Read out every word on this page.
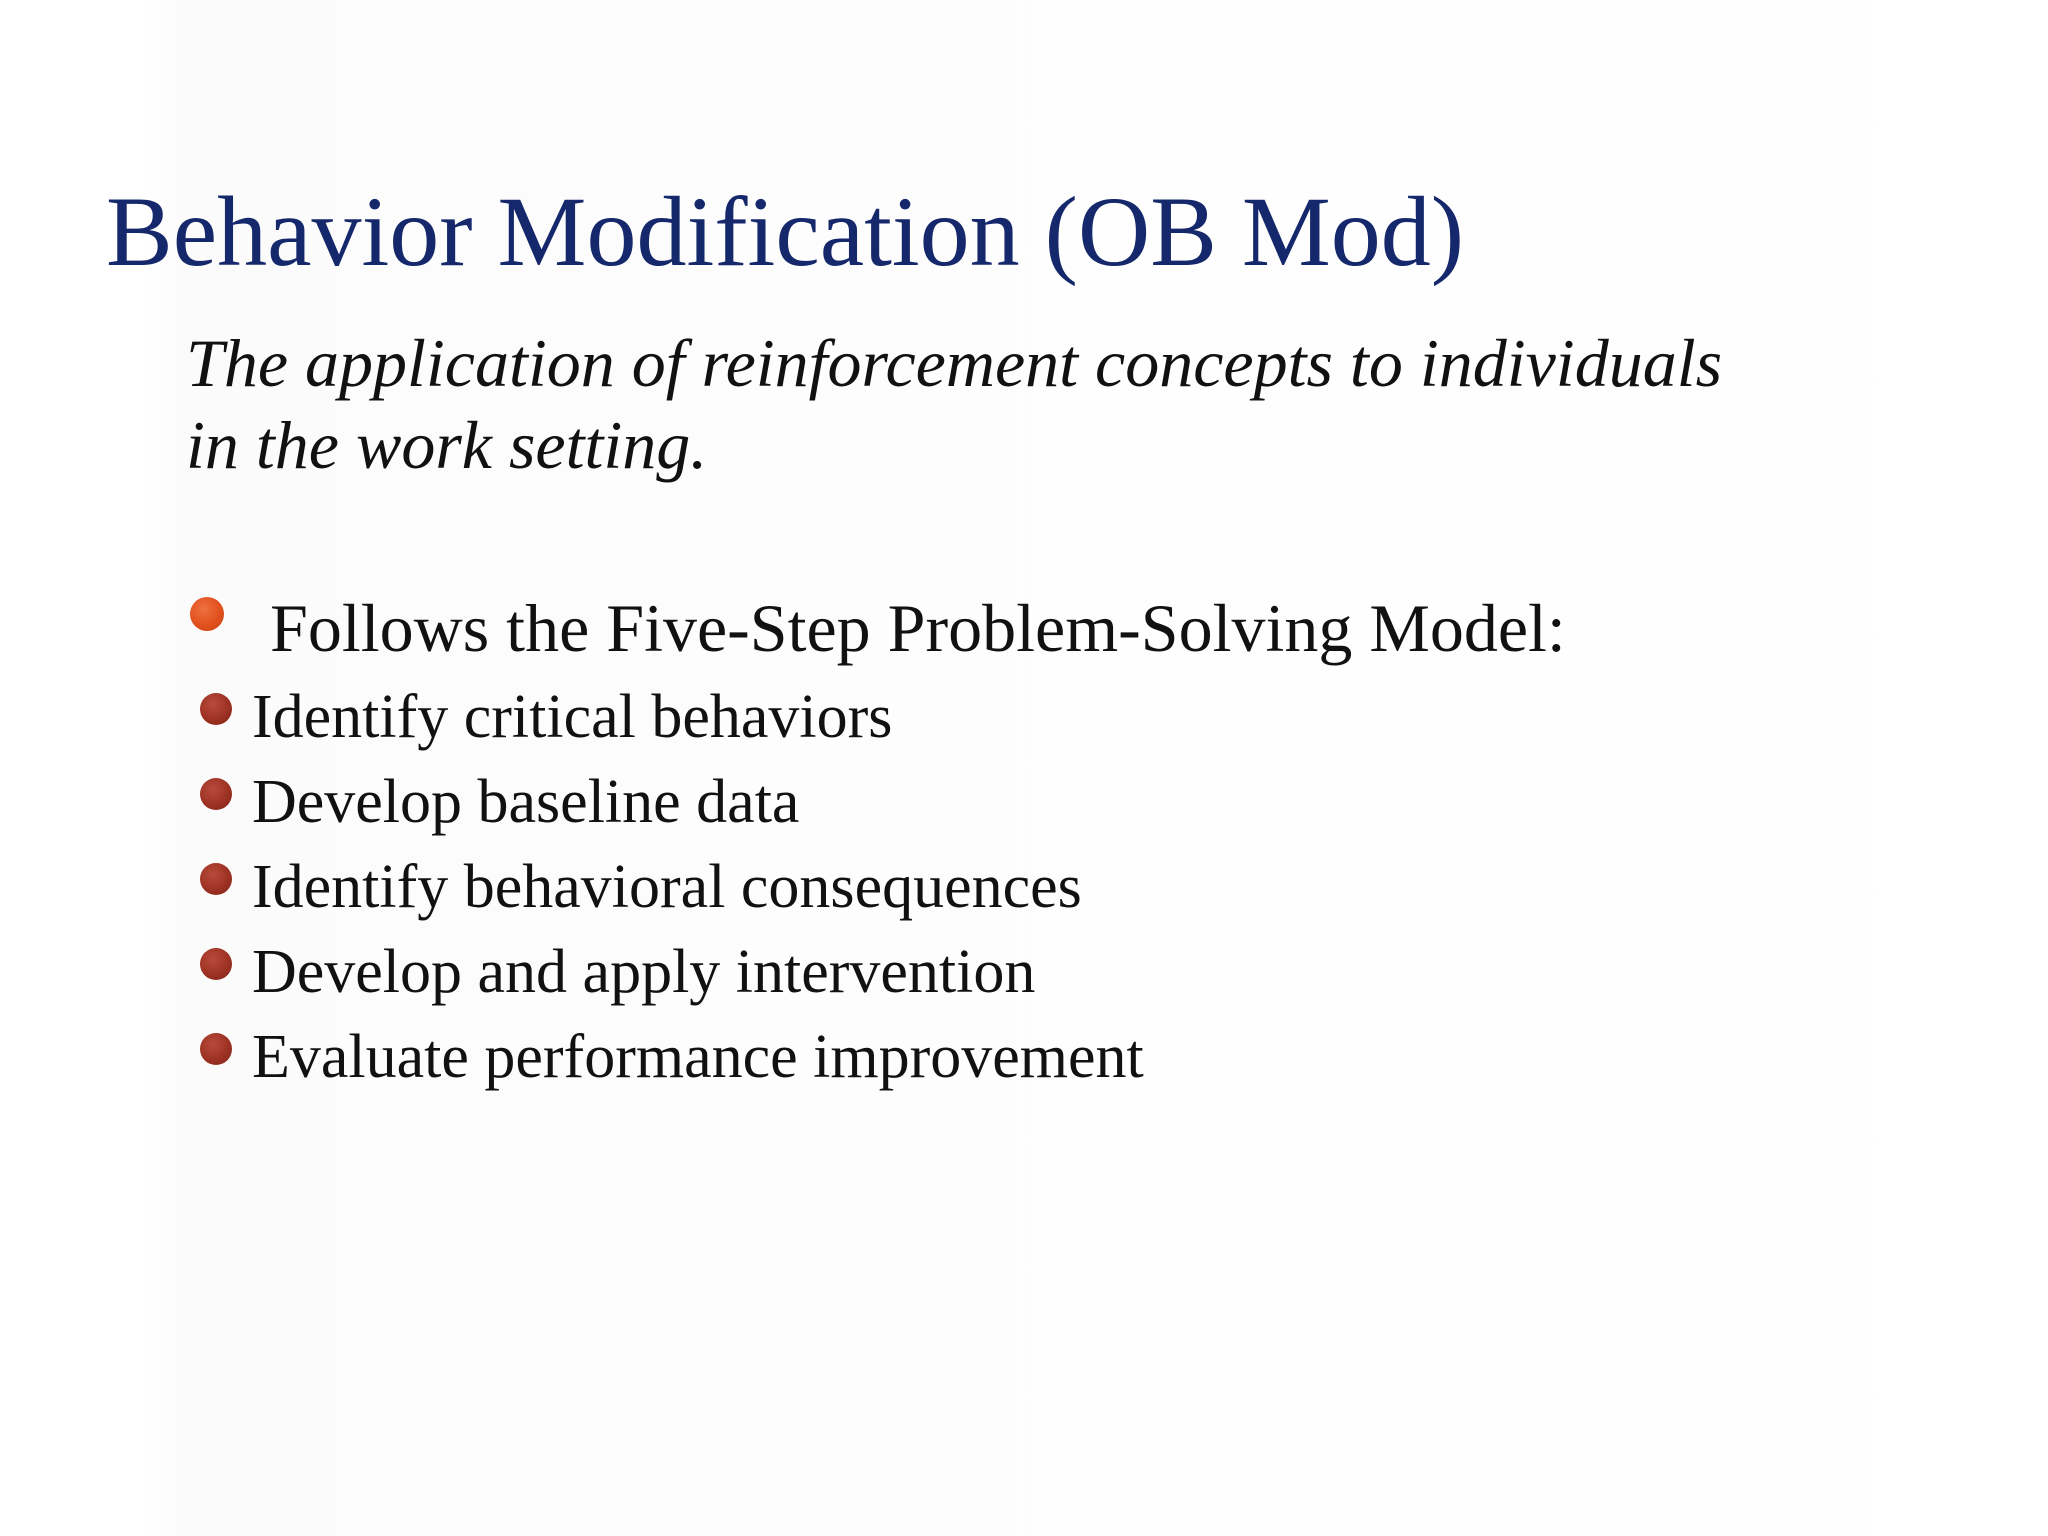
Behavior Modification (OB Mod)
The application of reinforcement concepts to individuals
in the work setting.
Follows the Five-Step Problem-Solving Model:
Identify critical behaviors
Develop baseline data
Identify behavioral consequences
Develop and apply intervention
Evaluate performance improvement
